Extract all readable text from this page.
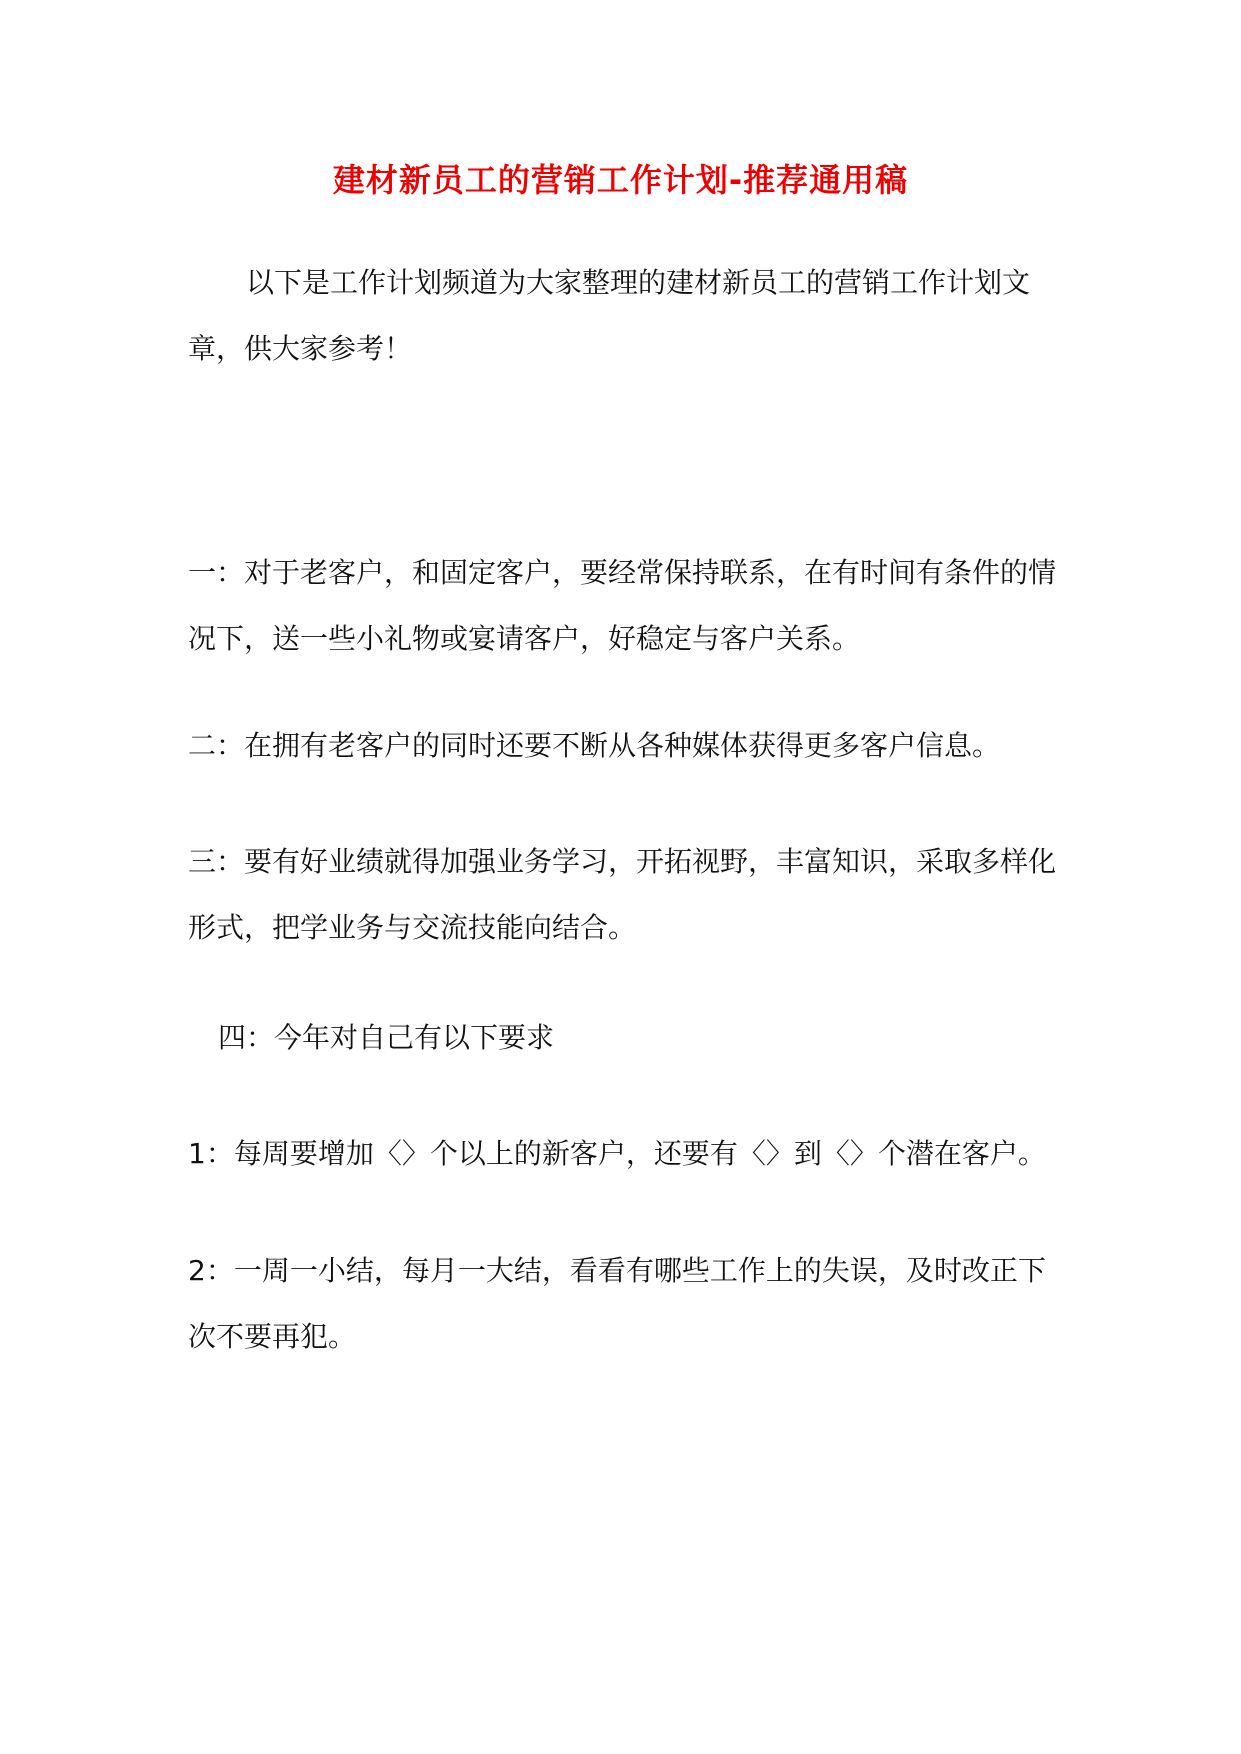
建材新员工的营销工作计划-推荐通用稿

以下是工作计划频道为大家整理的建材新员工的营销工作计划文章，供大家参考！

一：对于老客户，和固定客户，要经常保持联系，在有时间有条件的情况下，送一些小礼物或宴请客户，好稳定与客户关系。

二：在拥有老客户的同时还要不断从各种媒体获得更多客户信息。

三：要有好业绩就得加强业务学习，开拓视野，丰富知识，采取多样化形式，把学业务与交流技能向结合。

四：今年对自己有以下要求

1：每周要增加〈〉个以上的新客户，还要有〈〉到〈〉个潜在客户。

2：一周一小结，每月一大结，看看有哪些工作上的失误，及时改正下次不要再犯。
